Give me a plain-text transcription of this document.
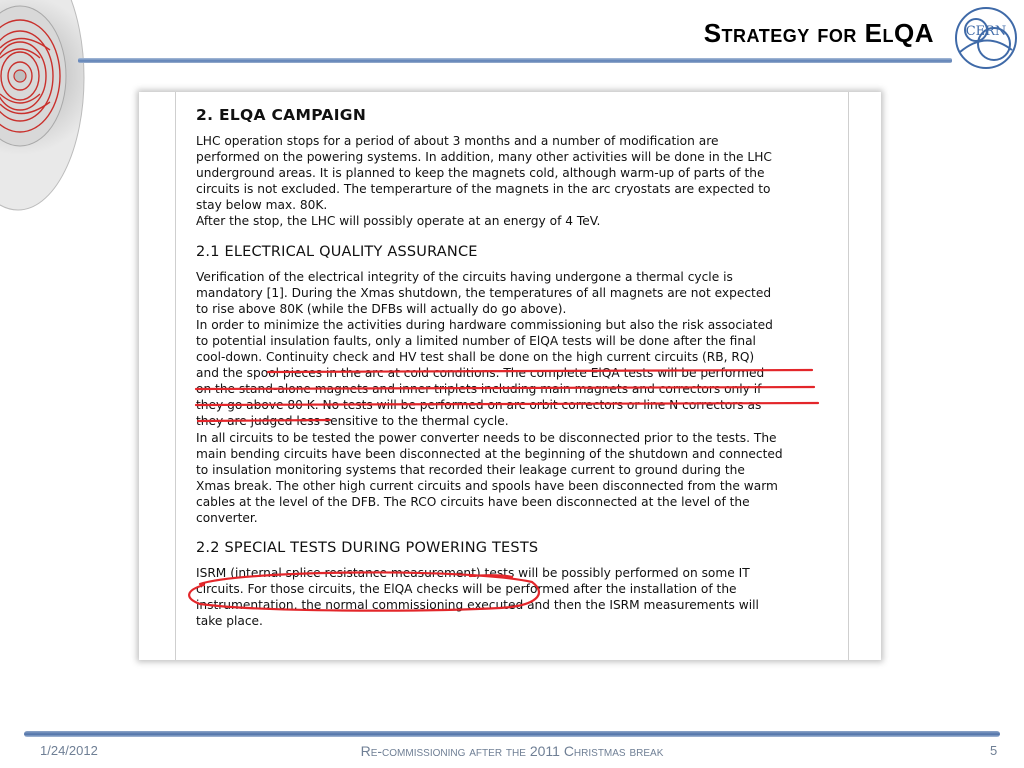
Strategy for ElQA CERN

2. ELQA CAMPAIGN

LHC operation stops for a period of about 3 months and a number of modification are

performed on the powering systems. In addition, many other activities will be done in the LHC

underground areas. It is planned to keep the magnets cold, although warm-up of parts of the

circuits is not excluded. The temperarture of the magnets in the arc cryostats are expected to

stay below max. 80K.

After the stop, the LHC will possibly operate at an energy of 4 TeV.

2.1 ELECTRICAL QUALITY ASSURANCE

Verification of the electrical integrity of the circuits having undergone a thermal cycle is

mandatory [1]. During the Xmas shutdown, the temperatures of all magnets are not expected

to rise above 80K (while the DFBs will actually do go above).

In order to minimize the activities during hardware commissioning but also the risk associated

to potential insulation faults, only a limited number of ElQA tests will be done after the final

cool-down. Continuity check and HV test shall be done on the high current circuits (RB, RQ)

and the spool pieces in the arc at cold conditions. The complete ElQA tests will be performed

on the stand-alone magnets and inner triplets including main magnets and correctors only if

they go above 80 K. No tests will be performed on arc orbit correctors or line N correctors as

they are judged less sensitive to the thermal cycle.

In all circuits to be tested the power converter needs to be disconnected prior to the tests. The

main bending circuits have been disconnected at the beginning of the shutdown and connected

to insulation monitoring systems that recorded their leakage current to ground during the

Xmas break. The other high current circuits and spools have been disconnected from the warm

cables at the level of the DFB. The RCO circuits have been disconnected at the level of the

converter.

2.2 SPECIAL TESTS DURING POWERING TESTS

ISRM (internal splice resistance measurement) tests will be possibly performed on some IT

circuits. For those circuits, the ElQA checks will be performed after the installation of the

instrumentation, the normal commissioning executed and then the ISRM measurements will

take place.

1/24/2012	Re-commissioning after the 2011 Christmas break	5
